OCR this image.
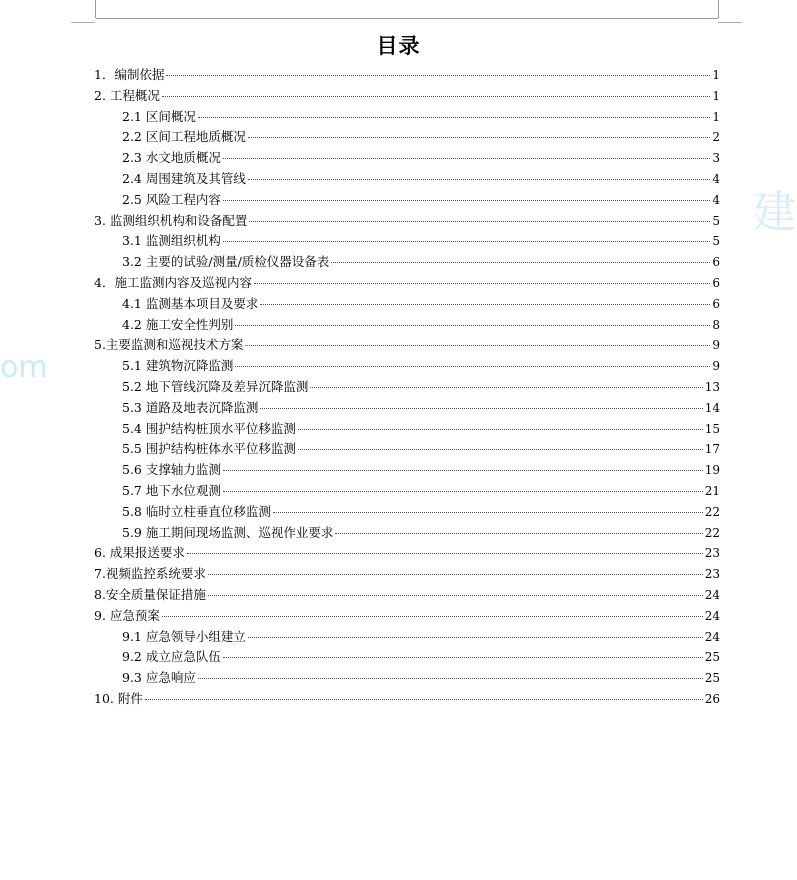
om
建
目录
1．编制依据	1
2. 工程概况	1
2.1 区间概况	1
2.2 区间工程地质概况	2
2.3 水文地质概况	3
2.4 周围建筑及其管线	4
2.5 风险工程内容	4
3. 监测组织机构和设备配置	5
3.1 监测组织机构	5
3.2 主要的试验/测量/质检仪器设备表	6
4．施工监测内容及巡视内容	6
4.1 监测基本项目及要求	6
4.2 施工安全性判别	8
5.主要监测和巡视技术方案	9
5.1 建筑物沉降监测	9
5.2 地下管线沉降及差异沉降监测	13
5.3 道路及地表沉降监测	14
5.4 围护结构桩顶水平位移监测	15
5.5 围护结构桩体水平位移监测	17
5.6 支撑轴力监测	19
5.7 地下水位观测	21
5.8 临时立柱垂直位移监测	22
5.9 施工期间现场监测、巡视作业要求	22
6. 成果报送要求	23
7.视频监控系统要求	23
8.安全质量保证措施	24
9. 应急预案	24
9.1 应急领导小组建立	24
9.2 成立应急队伍	25
9.3 应急响应	25
10. 附件	26
